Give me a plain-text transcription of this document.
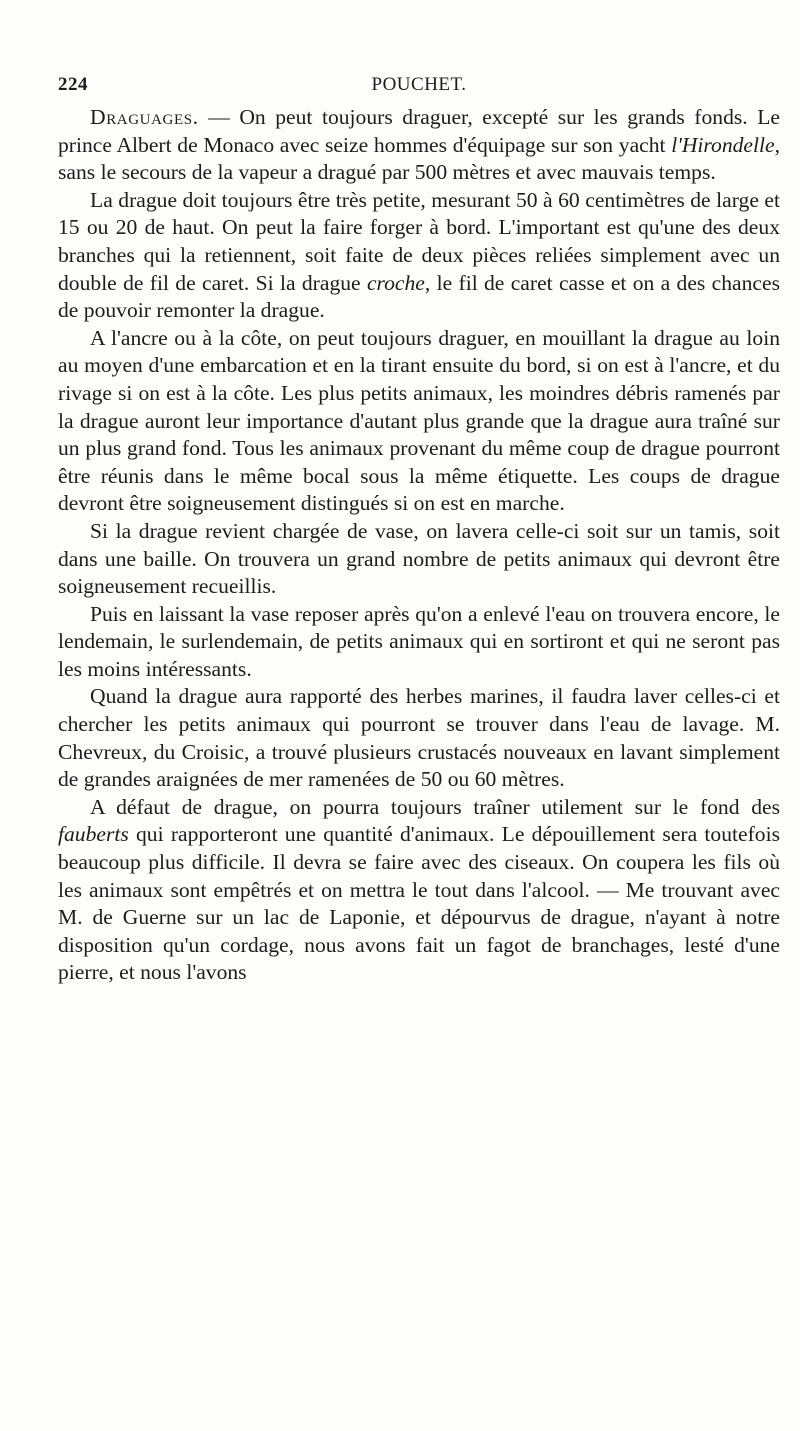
224	POUCHET.

Draguages. — On peut toujours draguer, excepté sur les grands fonds. Le prince Albert de Monaco avec seize hommes d'équipage sur son yacht l'Hirondelle, sans le secours de la vapeur a dragué par 500 mètres et avec mauvais temps.

La drague doit toujours être très petite, mesurant 50 à 60 centimètres de large et 15 ou 20 de haut. On peut la faire forger à bord. L'important est qu'une des deux branches qui la retiennent, soit faite de deux pièces reliées simplement avec un double de fil de caret. Si la drague croche, le fil de caret casse et on a des chances de pouvoir remonter la drague.

A l'ancre ou à la côte, on peut toujours draguer, en mouillant la drague au loin au moyen d'une embarcation et en la tirant ensuite du bord, si on est à l'ancre, et du rivage si on est à la côte. Les plus petits animaux, les moindres débris ramenés par la drague auront leur importance d'autant plus grande que la drague aura traîné sur un plus grand fond. Tous les animaux provenant du même coup de drague pourront être réunis dans le même bocal sous la même étiquette. Les coups de drague devront être soigneusement distingués si on est en marche.

Si la drague revient chargée de vase, on lavera celle-ci soit sur un tamis, soit dans une baille. On trouvera un grand nombre de petits animaux qui devront être soigneusement recueillis.

Puis en laissant la vase reposer après qu'on a enlevé l'eau on trouvera encore, le lendemain, le surlendemain, de petits animaux qui en sortiront et qui ne seront pas les moins intéressants.

Quand la drague aura rapporté des herbes marines, il faudra laver celles-ci et chercher les petits animaux qui pourront se trouver dans l'eau de lavage. M. Chevreux, du Croisic, a trouvé plusieurs crustacés nouveaux en lavant simplement de grandes araignées de mer ramenées de 50 ou 60 mètres.

A défaut de drague, on pourra toujours traîner utilement sur le fond des fauberts qui rapporteront une quantité d'animaux. Le dépouillement sera toutefois beaucoup plus difficile. Il devra se faire avec des ciseaux. On coupera les fils où les animaux sont empêtrés et on mettra le tout dans l'alcool. — Me trouvant avec M. de Guerne sur un lac de Laponie, et dépourvus de drague, n'ayant à notre disposition qu'un cordage, nous avons fait un fagot de branchages, lesté d'une pierre, et nous l'avons
